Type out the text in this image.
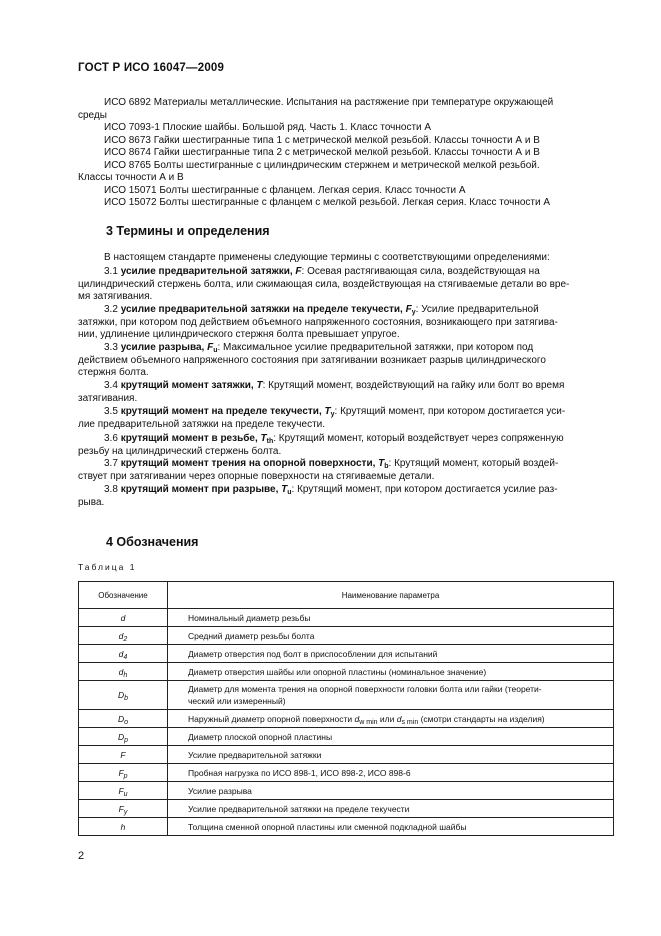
ГОСТ Р ИСО 16047—2009
ИСО 6892 Материалы металлические. Испытания на растяжение при температуре окружающей
среды
ИСО 7093-1 Плоские шайбы. Большой ряд. Часть 1. Класс точности А
ИСО 8673 Гайки шестигранные типа 1 с метрической мелкой резьбой. Классы точности А и В
ИСО 8674 Гайки шестигранные типа 2 с метрической мелкой резьбой. Классы точности А и В
ИСО 8765 Болты шестигранные с цилиндрическим стержнем и метрической мелкой резьбой.
Классы точности А и В
ИСО 15071 Болты шестигранные с фланцем. Легкая серия. Класс точности А
ИСО 15072 Болты шестигранные с фланцем с мелкой резьбой. Легкая серия. Класс точности А
3 Термины и определения
В настоящем стандарте применены следующие термины с соответствующими определениями:
3.1 усилие предварительной затяжки, F: Осевая растягивающая сила, воздействующая на
цилиндрический стержень болта, или сжимающая сила, воздействующая на стягиваемые детали во вре-
мя затягивания.
3.2 усилие предварительной затяжки на пределе текучести, $F_y$: Усилие предварительной
затяжки, при котором под действием объемного напряженного состояния, возникающего при затягива-
нии, удлинение цилиндрического стержня болта превышает упругое.
3.3 усилие разрыва, $F_u$: Максимальное усилие предварительной затяжки, при котором под
действием объемного напряженного состояния при затягивании возникает разрыв цилиндрического
стержня болта.
3.4 крутящий момент затяжки, T: Крутящий момент, воздействующий на гайку или болт во время
затягивания.
3.5 крутящий момент на пределе текучести, $T_y$: Крутящий момент, при котором достигается уси-
лие предварительной затяжки на пределе текучести.
3.6 крутящий момент в резьбе, $T_{th}$: Крутящий момент, который воздействует через сопряженную
резьбу на цилиндрический стержень болта.
3.7 крутящий момент трения на опорной поверхности, $T_b$: Крутящий момент, который воздей-
ствует при затягивании через опорные поверхности на стягиваемые детали.
3.8 крутящий момент при разрыве, $T_u$: Крутящий момент, при котором достигается усилие раз-
рыва.
4 Обозначения
Таблица 1
Обозначение	Наименование параметра
d	Номинальный диаметр резьбы
$d_2$	Средний диаметр резьбы болта
$d_4$	Диаметр отверстия под болт в приспособлении для испытаний
$d_h$	Диаметр отверстия шайбы или опорной пластины (номинальное значение)
$D_b$	Диаметр для момента трения на опорной поверхности головки болта или гайки (теорети-
ческий или измеренный)
$D_o$	Наружный диаметр опорной поверхности $d_{w min}$ или $d_{s min}$ (смотри стандарты на изделия)
$D_p$	Диаметр плоской опорной пластины
F	Усилие предварительной затяжки
$F_p$	Пробная нагрузка по ИСО 898-1, ИСО 898-2, ИСО 898-6
$F_u$	Усилие разрыва
$F_y$	Усилие предварительной затяжки на пределе текучести
h	Толщина сменной опорной пластины или сменной подкладной шайбы
2
